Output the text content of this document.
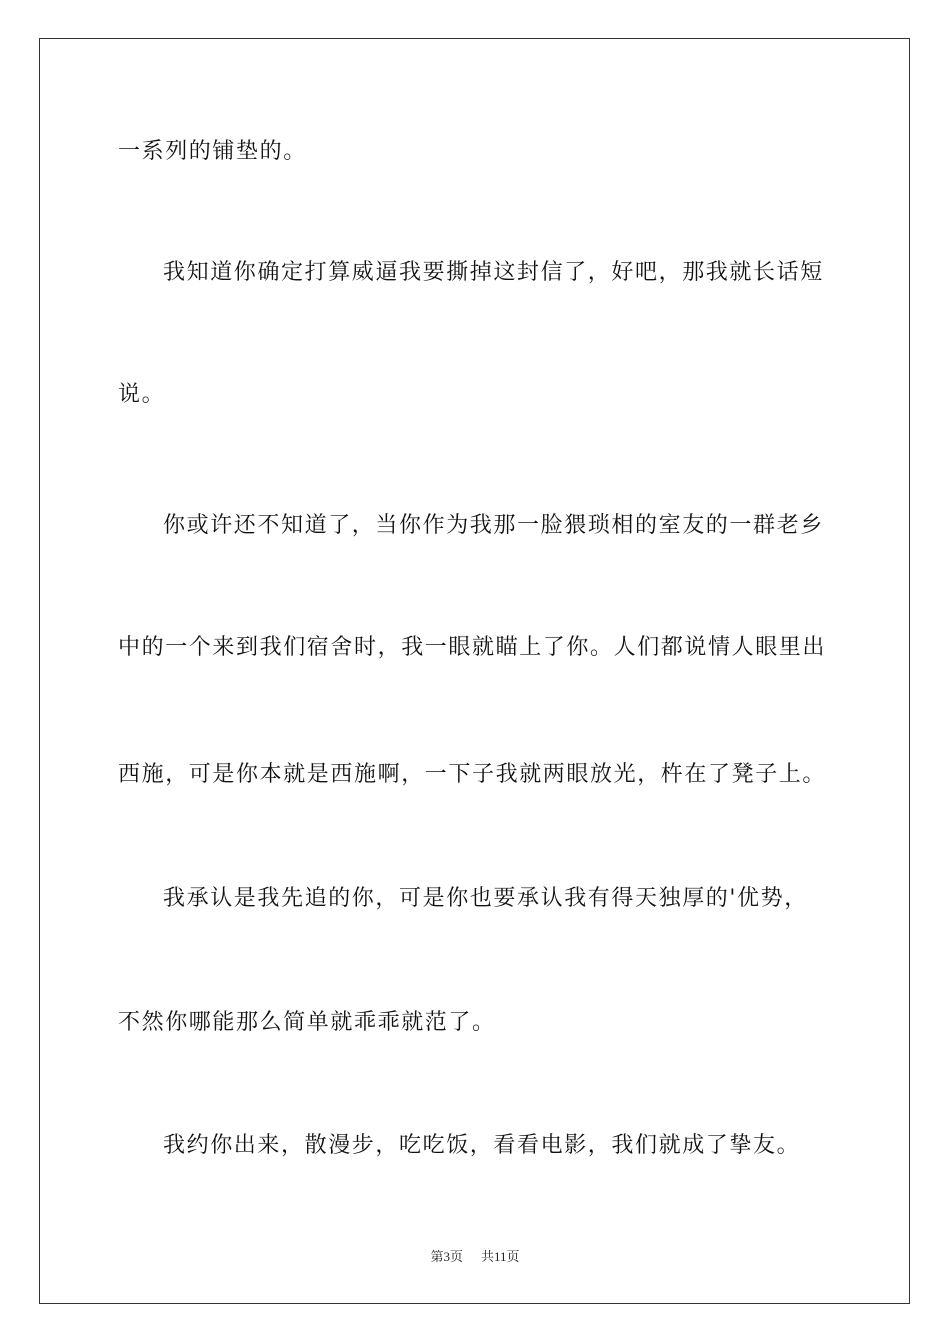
一系列的铺垫的。
我知道你确定打算威逼我要撕掉这封信了，好吧，那我就长话短
说。
你或许还不知道了，当你作为我那一脸猥琐相的室友的一群老乡
中的一个来到我们宿舍时，我一眼就瞄上了你。人们都说情人眼里出
西施，可是你本就是西施啊，一下子我就两眼放光，杵在了凳子上。
我承认是我先追的你，可是你也要承认我有得天独厚的'优势，
不然你哪能那么简单就乖乖就范了。
我约你出来，散漫步，吃吃饭，看看电影，我们就成了挚友。
第3页 共11页
